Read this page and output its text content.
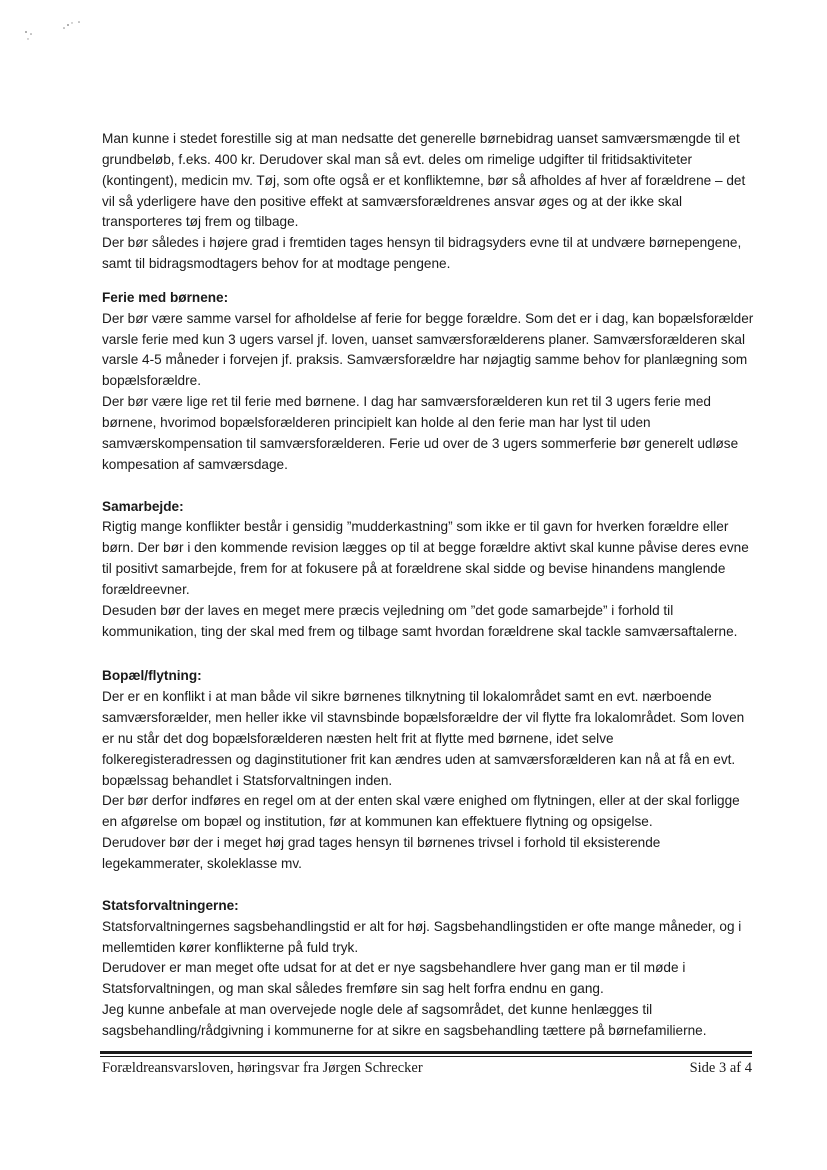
Man kunne i stedet forestille sig at man nedsatte det generelle børnebidrag uanset samværsmængde til et

grundbeløb, f.eks. 400 kr. Derudover skal man så evt. deles om rimelige udgifter til fritidsaktiviteter

(kontingent), medicin mv. Tøj, som ofte også er et konfliktemne, bør så afholdes af hver af forældrene – det

vil så yderligere have den positive effekt at samværsforældrenes ansvar øges og at der ikke skal

transporteres tøj frem og tilbage.

Der bør således i højere grad i fremtiden tages hensyn til bidragsyders evne til at undvære børnepengene,

samt til bidragsmodtagers behov for at modtage pengene.

Ferie med børnene:

Der bør være samme varsel for afholdelse af ferie for begge forældre. Som det er i dag, kan bopælsforælder

varsle ferie med kun 3 ugers varsel jf. loven, uanset samværsforælderens planer. Samværsforælderen skal

varsle 4-5 måneder i forvejen jf. praksis. Samværsforældre har nøjagtig samme behov for planlægning som

bopælsforældre.

Der bør være lige ret til ferie med børnene. I dag har samværsforælderen kun ret til 3 ugers ferie med

børnene, hvorimod bopælsforælderen principielt kan holde al den ferie man har lyst til uden

samværskompensation til samværsforælderen. Ferie ud over de 3 ugers sommerferie bør generelt udløse

kompesation af samværsdage.

Samarbejde:

Rigtig mange konflikter består i gensidig ”mudderkastning” som ikke er til gavn for hverken forældre eller

børn. Der bør i den kommende revision lægges op til at begge forældre aktivt skal kunne påvise deres evne

til positivt samarbejde, frem for at fokusere på at forældrene skal sidde og bevise hinandens manglende

forældreevner.

Desuden bør der laves en meget mere præcis vejledning om ”det gode samarbejde” i forhold til

kommunikation, ting der skal med frem og tilbage samt hvordan forældrene skal tackle samværsaftalerne.

Bopæl/flytning:

Der er en konflikt i at man både vil sikre børnenes tilknytning til lokalområdet samt en evt. nærboende

samværsforælder, men heller ikke vil stavnsbinde bopælsforældre der vil flytte fra lokalområdet. Som loven

er nu står det dog bopælsforælderen næsten helt frit at flytte med børnene, idet selve

folkeregisteradressen og daginstitutioner frit kan ændres uden at samværsforælderen kan nå at få en evt.

bopælssag behandlet i Statsforvaltningen inden.

Der bør derfor indføres en regel om at der enten skal være enighed om flytningen, eller at der skal forligge

en afgørelse om bopæl og institution, før at kommunen kan effektuere flytning og opsigelse.

Derudover bør der i meget høj grad tages hensyn til børnenes trivsel i forhold til eksisterende

legekammerater, skoleklasse mv.

Statsforvaltningerne:

Statsforvaltningernes sagsbehandlingstid er alt for høj. Sagsbehandlingstiden er ofte mange måneder, og i

mellemtiden kører konflikterne på fuld tryk.

Derudover er man meget ofte udsat for at det er nye sagsbehandlere hver gang man er til møde i

Statsforvaltningen, og man skal således fremføre sin sag helt forfra endnu en gang.

Jeg kunne anbefale at man overvejede nogle dele af sagsområdet, det kunne henlægges til

sagsbehandling/rådgivning i kommunerne for at sikre en sagsbehandling tættere på børnefamilierne.

Forældreansvarsloven, høringsvar fra Jørgen Schrecker	Side 3 af 4
